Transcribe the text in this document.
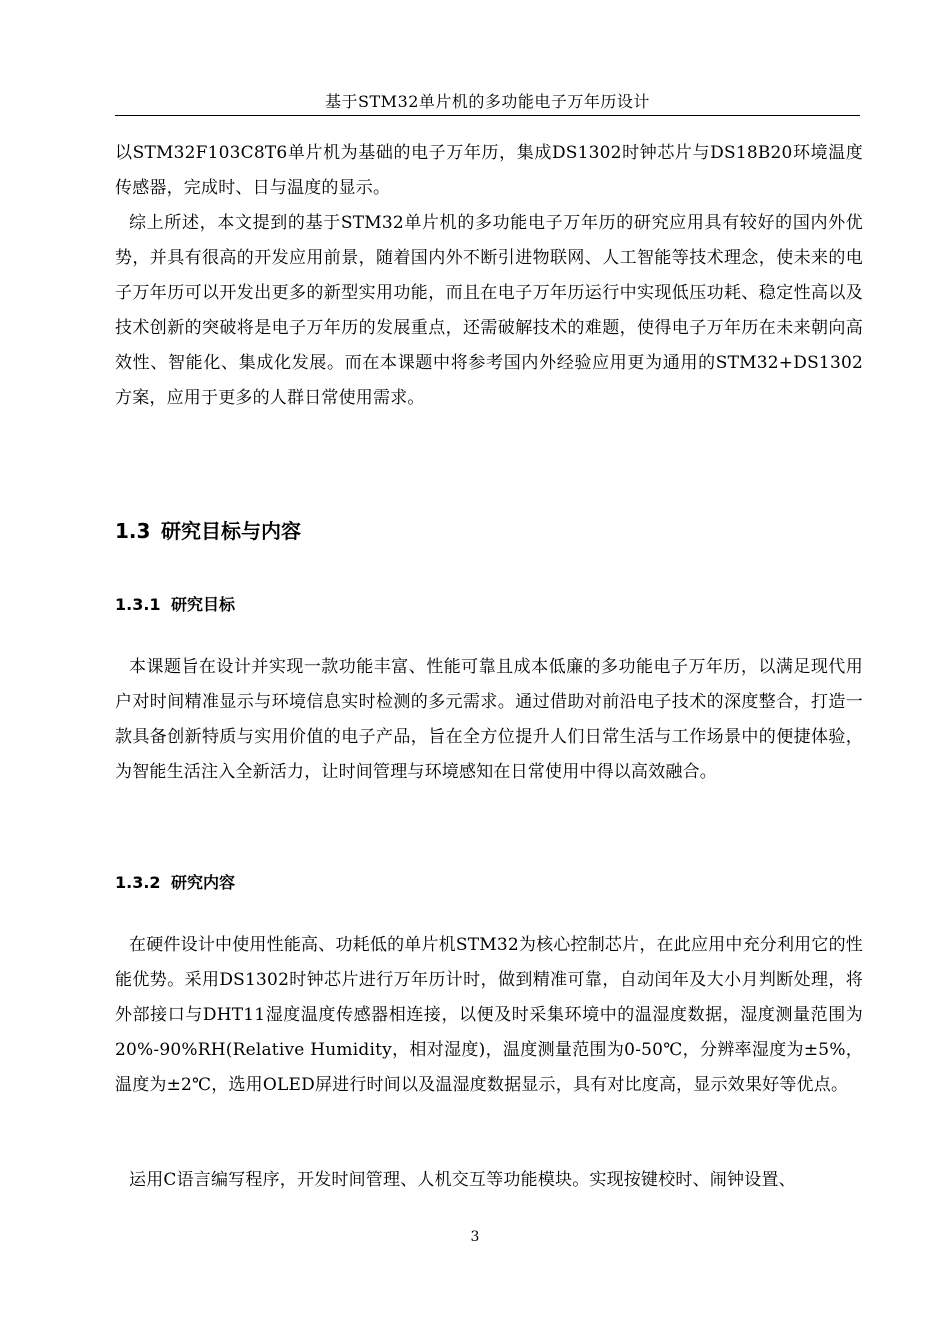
基于STM32单片机的多功能电子万年历设计

以STM32F103C8T6单片机为基础的电子万年历，集成DS1302时钟芯片与DS18B20环境温度传感器，完成时、日与温度的显示。

综上所述，本文提到的基于STM32单片机的多功能电子万年历的研究应用具有较好的国内外优势，并具有很高的开发应用前景，随着国内外不断引进物联网、人工智能等技术理念，使未来的电子万年历可以开发出更多的新型实用功能，而且在电子万年历运行中实现低压功耗、稳定性高以及技术创新的突破将是电子万年历的发展重点，还需破解技术的难题，使得电子万年历在未来朝向高效性、智能化、集成化发展。而在本课题中将参考国内外经验应用更为通用的STM32+DS1302方案，应用于更多的人群日常使用需求。

1.3 研究目标与内容
1.3.1 研究目标

本课题旨在设计并实现一款功能丰富、性能可靠且成本低廉的多功能电子万年历，以满足现代用户对时间精准显示与环境信息实时检测的多元需求。通过借助对前沿电子技术的深度整合，打造一款具备创新特质与实用价值的电子产品，旨在全方位提升人们日常生活与工作场景中的便捷体验，为智能生活注入全新活力，让时间管理与环境感知在日常使用中得以高效融合。

1.3.2 研究内容

在硬件设计中使用性能高、功耗低的单片机STM32为核心控制芯片，在此应用中充分利用它的性能优势。采用DS1302时钟芯片进行万年历计时，做到精准可靠，自动闰年及大小月判断处理，将外部接口与DHT11湿度温度传感器相连接，以便及时采集环境中的温湿度数据，湿度测量范围为20%-90%RH(Relative Humidity，相对湿度)，温度测量范围为0-50℃，分辨率湿度为±5%，温度为±2℃，选用OLED屏进行时间以及温湿度数据显示，具有对比度高，显示效果好等优点。

运用C语言编写程序，开发时间管理、人机交互等功能模块。实现按键校时、闹钟设置、

3
